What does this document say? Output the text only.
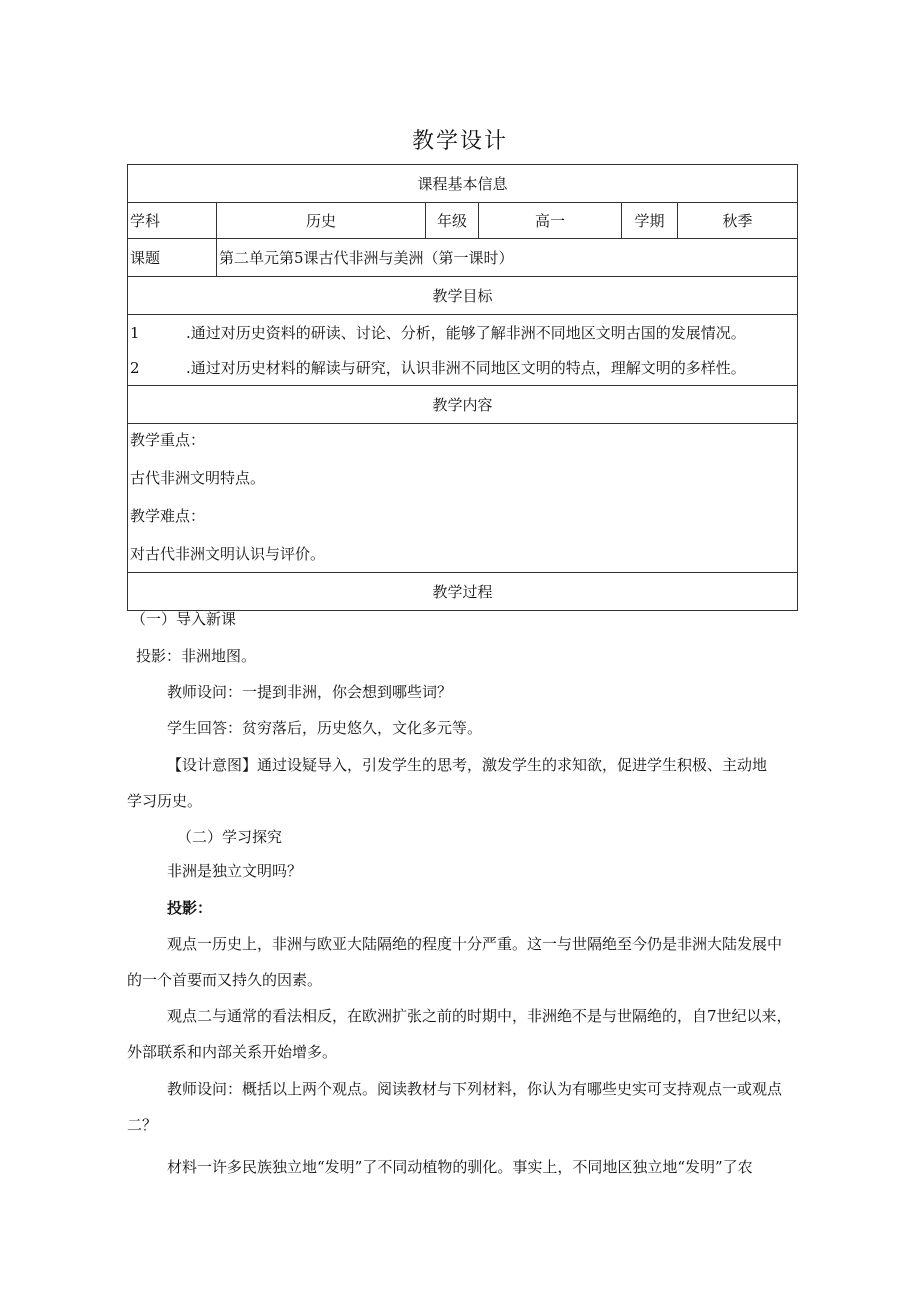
教学设计
课程基本信息					
学科	历史	年级	高一	学期	秋季
课题	第二单元第5课古代非洲与美洲（第一课时）				
教学目标					
1 .通过对历史资料的研读、讨论、分析，能够了解非洲不同地区文明古国的发展情况。					
2 .通过对历史材料的解读与研究，认识非洲不同地区文明的特点，理解文明的多样性。					
教学内容					

教学重点：

古代非洲文明特点。

教学难点：

对古代非洲文明认识与评价。					

教学过程					

（一）导入新课

投影：非洲地图。

教师设问：一提到非洲，你会想到哪些词？

学生回答：贫穷落后，历史悠久，文化多元等。

【设计意图】通过设疑导入，引发学生的思考，激发学生的求知欲，促进学生积极、主动地

学习历史。

（二）学习探究

非洲是独立文明吗？

投影：

观点一历史上，非洲与欧亚大陆隔绝的程度十分严重。这一与世隔绝至今仍是非洲大陆发展中

的一个首要而又持久的因素。

观点二与通常的看法相反，在欧洲扩张之前的时期中，非洲绝不是与世隔绝的，自7世纪以来，

外部联系和内部关系开始增多。

教师设问：概括以上两个观点。阅读教材与下列材料，你认为有哪些史实可支持观点一或观点

二？

材料一许多民族独立地“发明”了不同动植物的驯化。事实上，不同地区独立地“发明”了农
